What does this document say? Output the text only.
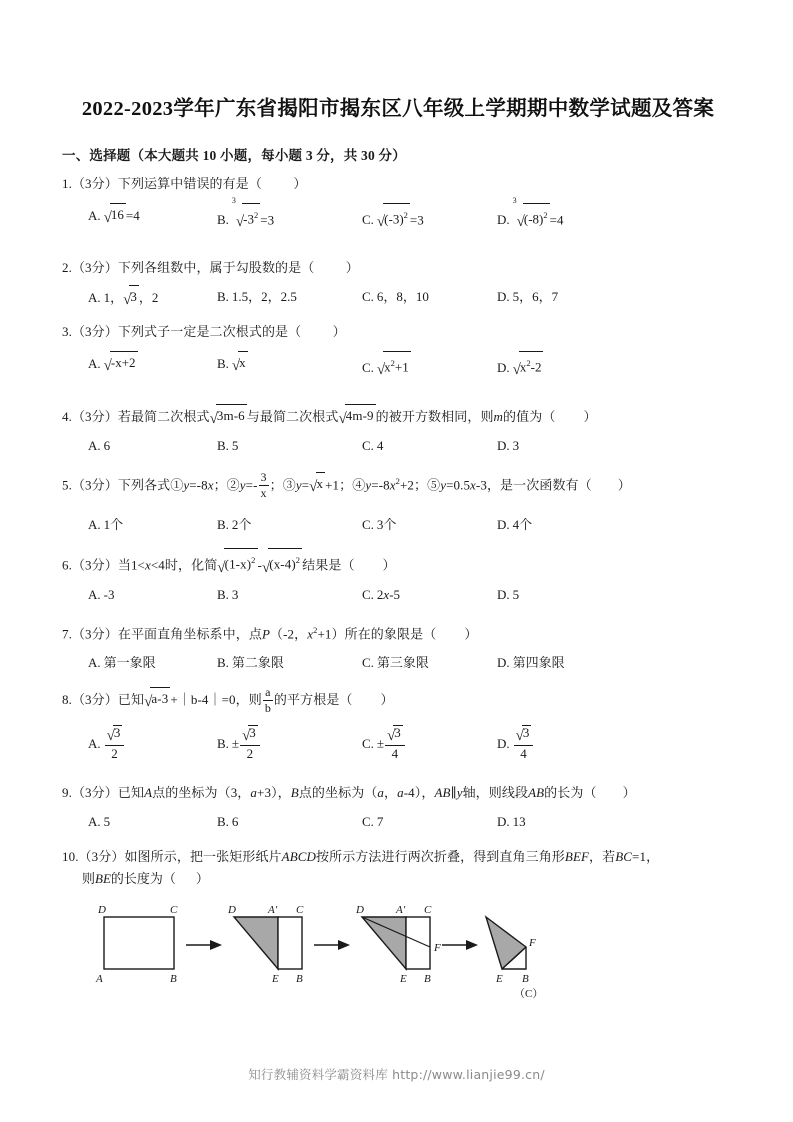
2022-2023学年广东省揭阳市揭东区八年级上学期期中数学试题及答案
一、选择题（本大题共 10 小题，每小题 3 分，共 30 分）
1.（3分）下列运算中错误的有是（ ）
A. √16 =4	B.
3
$√-3^2 =3$	C. $√(-3)^2 =3$	D.
3
$√(-8)^2 =4$
2.（3分）下列各组数中，属于勾股数的是（ ）
A. 1，√3 ，2	B. 1.5，2，2.5	C. 6，8，10	D. 5，6，7
3.（3分）下列式子一定是二次根式的是（ ）
A. √-x+2	B. √x	C. $√x^2+1$	D. $√x^2-2$
4.（3分）若最简二次根式√3m-6 与最简二次根式√4m-9 的被开方数相同，则m的值为（ ）
A. 6	B. 5	C. 4	D. 3
5.（3分）下列各式①y=-8x；②y=- $\frac{3}{x}$ ；③y=√x +1；$④y=-8x^2+2$；⑤y=0.5x-3，是一次函数有（ ）
A. 1个	B. 2个	C. 3个	D. 4个
6.（3分）当1<x<4时，化简$√(1-x)^2$ $-√(x-4)^2$ 结果是（ ）
A. -3	B. 3	C. 2x-5	D. 5
7.（3分）在平面直角坐标系中，点P（-2，$x^2+1$）所在的象限是（ ）
A. 第一象限	B. 第二象限	C. 第三象限	D. 第四象限
8.（3分）已知√a-3 +｜b-4｜=0，则 $\frac{a}{b}$ 的平方根是（ ）
A. $\frac{√3}{2}$	B. ± $\frac{√3}{2}$	C. ± $\frac{√3}{4}$	D. $\frac{√3}{4}$
9.（3分）已知A点的坐标为（3，a+3），B点的坐标为（a，a-4），AB∥y轴，则线段AB的长为（ ）
A. 5	B. 6	C. 7	D. 13
10.（3分）如图所示，把一张矩形纸片ABCD按所示方法进行两次折叠，得到直角三角形BEF，若BC=1，
则BE的长度为（ ）
D	C
A	B
D	A′ C
E B
D	A′ C
F
E B
F
E B
（C）
知行教辅资料学霸资料库 http://www.lianjie99.cn/
